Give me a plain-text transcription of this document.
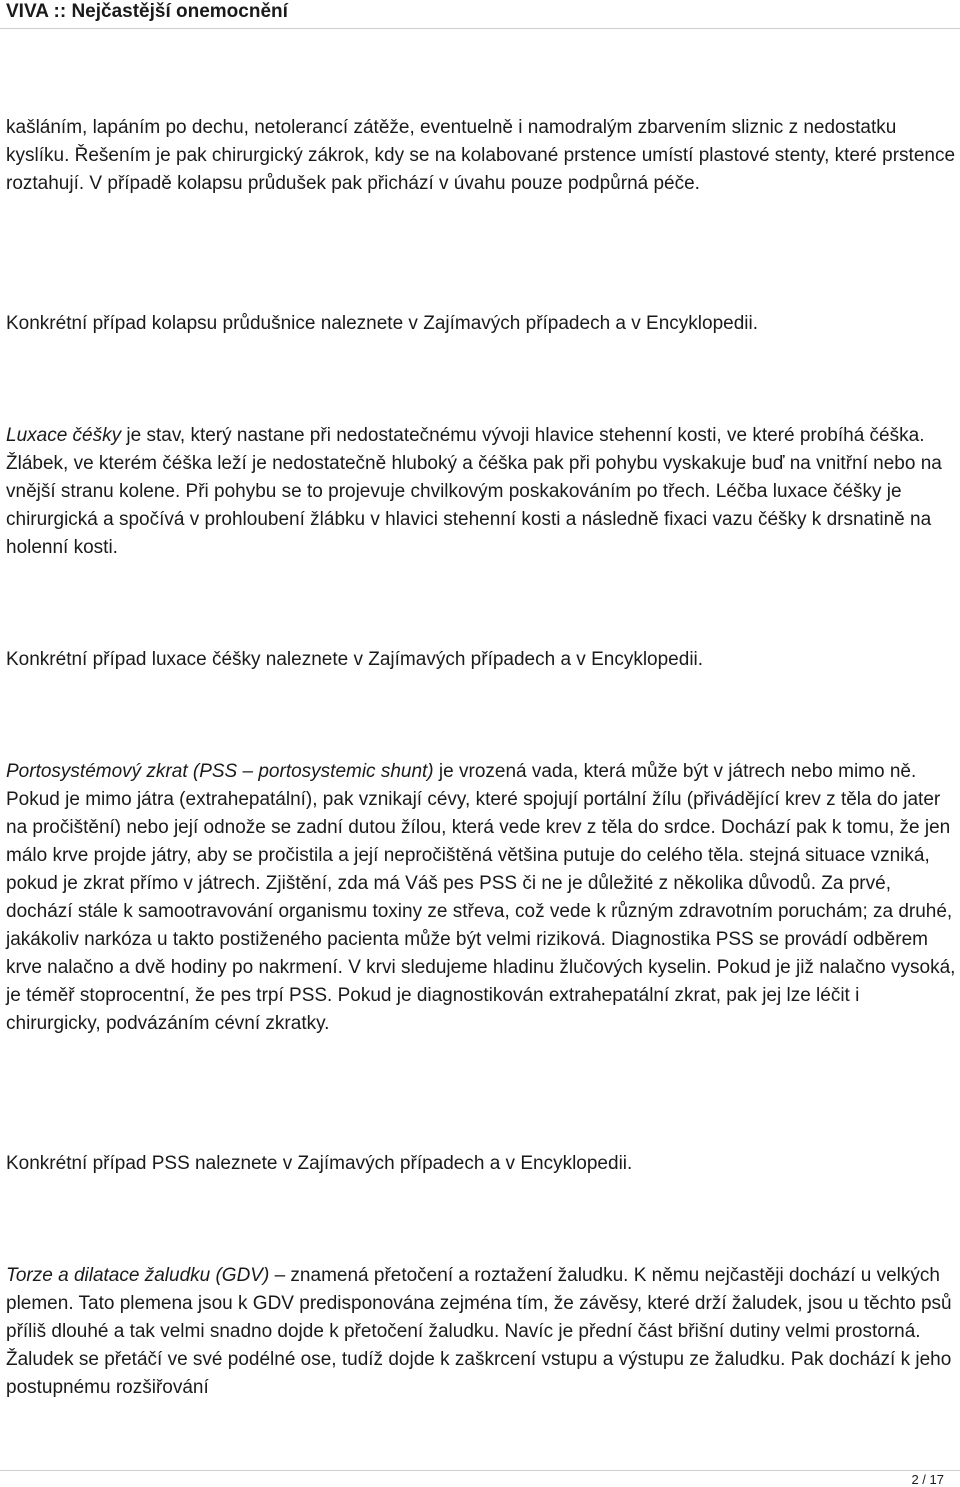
VIVA :: Nejčastější onemocnění

kašláním, lapáním po dechu, netolerancí zátěže, eventuelně i namodralým zbarvením sliznic z nedostatku kyslíku. Řešením je pak chirurgický zákrok, kdy se na kolabované prstence umístí plastové stenty, které prstence roztahují. V případě kolapsu průdušek pak přichází v úvahu pouze podpůrná péče.

Konkrétní případ kolapsu průdušnice naleznete v Zajímavých případech a v Encyklopedii.

Luxace čéšky je stav, který nastane při nedostatečnému vývoji hlavice stehenní kosti, ve které probíhá čéška. Žlábek, ve kterém čéška leží je nedostatečně hluboký a čéška pak při pohybu vyskakuje buď na vnitřní nebo na vnější stranu kolene. Při pohybu se to projevuje chvilkovým poskakováním po třech. Léčba luxace čéšky je chirurgická a spočívá v prohloubení žlábku v hlavici stehenní kosti a následně fixaci vazu čéšky k drsnatině na holenní kosti.

Konkrétní případ luxace čéšky naleznete v Zajímavých případech a v Encyklopedii.

Portosystémový zkrat (PSS – portosystemic shunt) je vrozená vada, která může být v játrech nebo mimo ně. Pokud je mimo játra (extrahepatální), pak vznikají cévy, které spojují portální žílu (přivádějící krev z těla do jater na pročištění) nebo její odnože se zadní dutou žílou, která vede krev z těla do srdce. Dochází pak k tomu, že jen málo krve projde játry, aby se pročistila a její nepročištěná většina putuje do celého těla. stejná situace vzniká, pokud je zkrat přímo v játrech. Zjištění, zda má Váš pes PSS či ne je důležité z několika důvodů. Za prvé, dochází stále k samootravování organismu toxiny ze střeva, což vede k různým zdravotním poruchám; za druhé, jakákoliv narkóza u takto postiženého pacienta může být velmi riziková. Diagnostika PSS se provádí odběrem krve nalačno a dvě hodiny po nakrmení. V krvi sledujeme hladinu žlučových kyselin. Pokud je již nalačno vysoká, je téměř stoprocentní, že pes trpí PSS. Pokud je diagnostikován extrahepatální zkrat, pak jej lze léčit i chirurgicky, podvázáním cévní zkratky.

Konkrétní případ PSS naleznete v Zajímavých případech a v Encyklopedii.

Torze a dilatace žaludku (GDV) – znamená přetočení a roztažení žaludku. K němu nejčastěji dochází u velkých plemen. Tato plemena jsou k GDV predisponována zejména tím, že závěsy, které drží žaludek, jsou u těchto psů příliš dlouhé a tak velmi snadno dojde k přetočení žaludku. Navíc je přední část břišní dutiny velmi prostorná. Žaludek se přetáčí ve své podélné ose, tudíž dojde k zaškrcení vstupu a výstupu ze žaludku. Pak dochází k jeho postupnému rozšiřování

2 / 17
